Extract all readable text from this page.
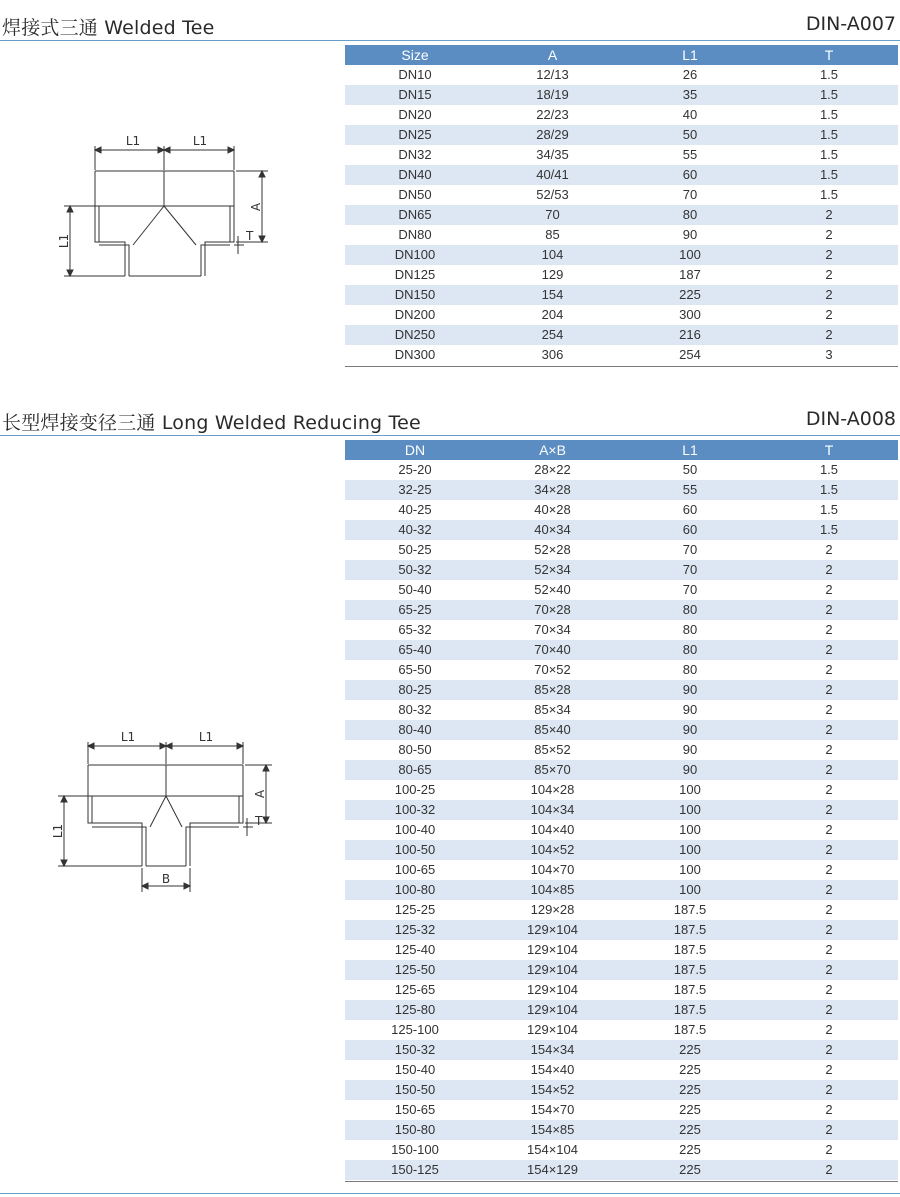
焊接式三通 Welded Tee	DIN-A007
L1	L1
A
T
L1
Size	A	L1	T
DN10	12/13	26	1.5
DN15	18/19	35	1.5
DN20	22/23	40	1.5
DN25	28/29	50	1.5
DN32	34/35	55	1.5
DN40	40/41	60	1.5
DN50	52/53	70	1.5
DN65	70	80	2
DN80	85	90	2
DN100	104	100	2
DN125	129	187	2
DN150	154	225	2
DN200	204	300	2
DN250	254	216	2
DN300	306	254	3
长型焊接变径三通 Long Welded Reducing Tee	DIN-A008
L1	L1
A
T
L1
B
DN	A×B	L1	T
25-20	28×22	50	1.5
32-25	34×28	55	1.5
40-25	40×28	60	1.5
40-32	40×34	60	1.5
50-25	52×28	70	2
50-32	52×34	70	2
50-40	52×40	70	2
65-25	70×28	80	2
65-32	70×34	80	2
65-40	70×40	80	2
65-50	70×52	80	2
80-25	85×28	90	2
80-32	85×34	90	2
80-40	85×40	90	2
80-50	85×52	90	2
80-65	85×70	90	2
100-25	104×28	100	2
100-32	104×34	100	2
100-40	104×40	100	2
100-50	104×52	100	2
100-65	104×70	100	2
100-80	104×85	100	2
125-25	129×28	187.5	2
125-32	129×104	187.5	2
125-40	129×104	187.5	2
125-50	129×104	187.5	2
125-65	129×104	187.5	2
125-80	129×104	187.5	2
125-100	129×104	187.5	2
150-32	154×34	225	2
150-40	154×40	225	2
150-50	154×52	225	2
150-65	154×70	225	2
150-80	154×85	225	2
150-100	154×104	225	2
150-125	154×129	225	2
